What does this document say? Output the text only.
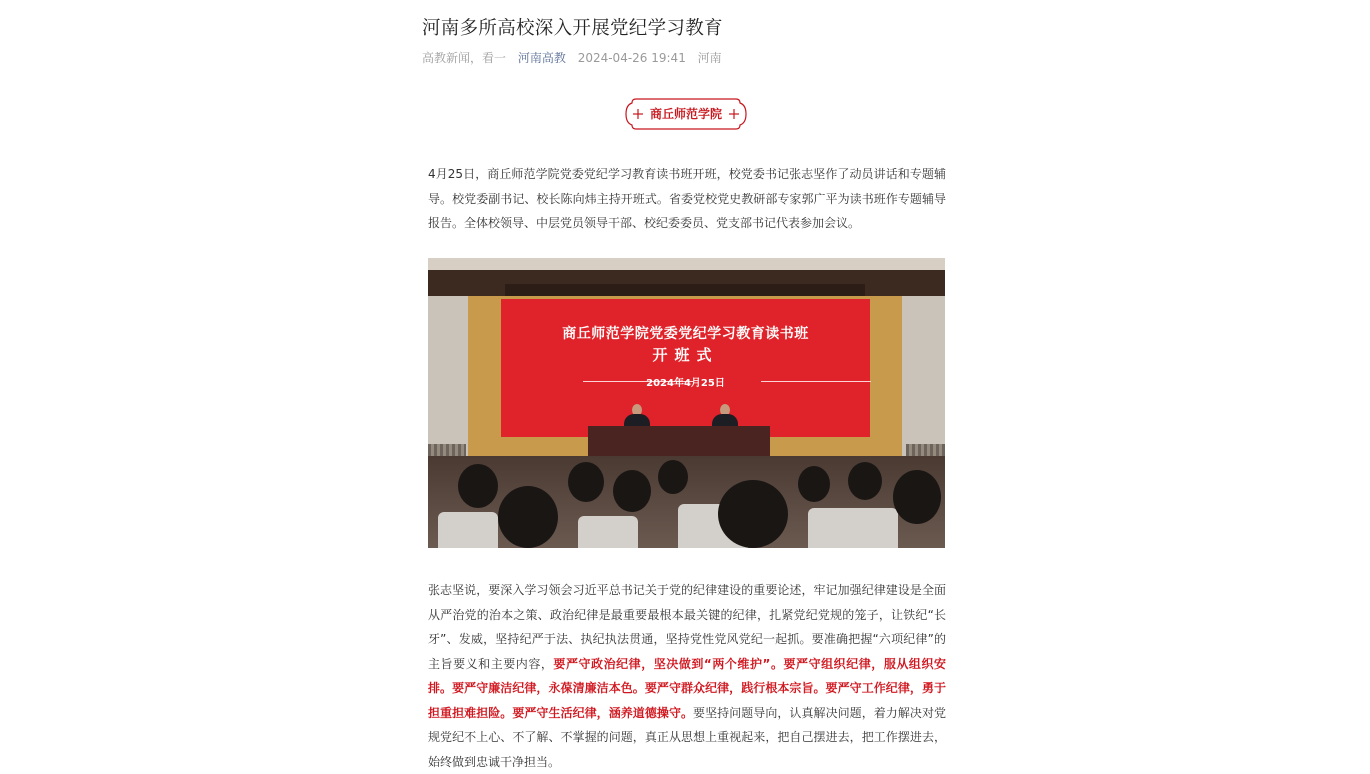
河南多所高校深入开展党纪学习教育
高教新闻，看一 河南高教 2024-04-26 19:41 河南
商丘师范学院
4月25日，商丘师范学院党委党纪学习教育读书班开班，校党委书记张志坚作了动员讲话和专题辅导。校党委副书记、校长陈向炜主持开班式。省委党校党史教研部专家郭广平为读书班作专题辅导报告。全体校领导、中层党员领导干部、校纪委委员、党支部书记代表参加会议。
商丘师范学院党委党纪学习教育读书班
开班式
2024年4月25日
张志坚说，要深入学习领会习近平总书记关于党的纪律建设的重要论述，牢记加强纪律建设是全面从严治党的治本之策、政治纪律是最重要最根本最关键的纪律，扎紧党纪党规的笼子，让铁纪“长牙”、发威，坚持纪严于法、执纪执法贯通，坚持党性党风党纪一起抓。要准确把握“六项纪律”的主旨要义和主要内容，要严守政治纪律，坚决做到“两个维护”。要严守组织纪律，服从组织安排。要严守廉洁纪律，永葆清廉洁本色。要严守群众纪律，践行根本宗旨。要严守工作纪律，勇于担重担难担险。要严守生活纪律，涵养道德操守。要坚持问题导向，认真解决问题，着力解决对党规党纪不上心、不了解、不掌握的问题，真正从思想上重视起来，把自己摆进去，把工作摆进去，始终做到忠诚干净担当。
